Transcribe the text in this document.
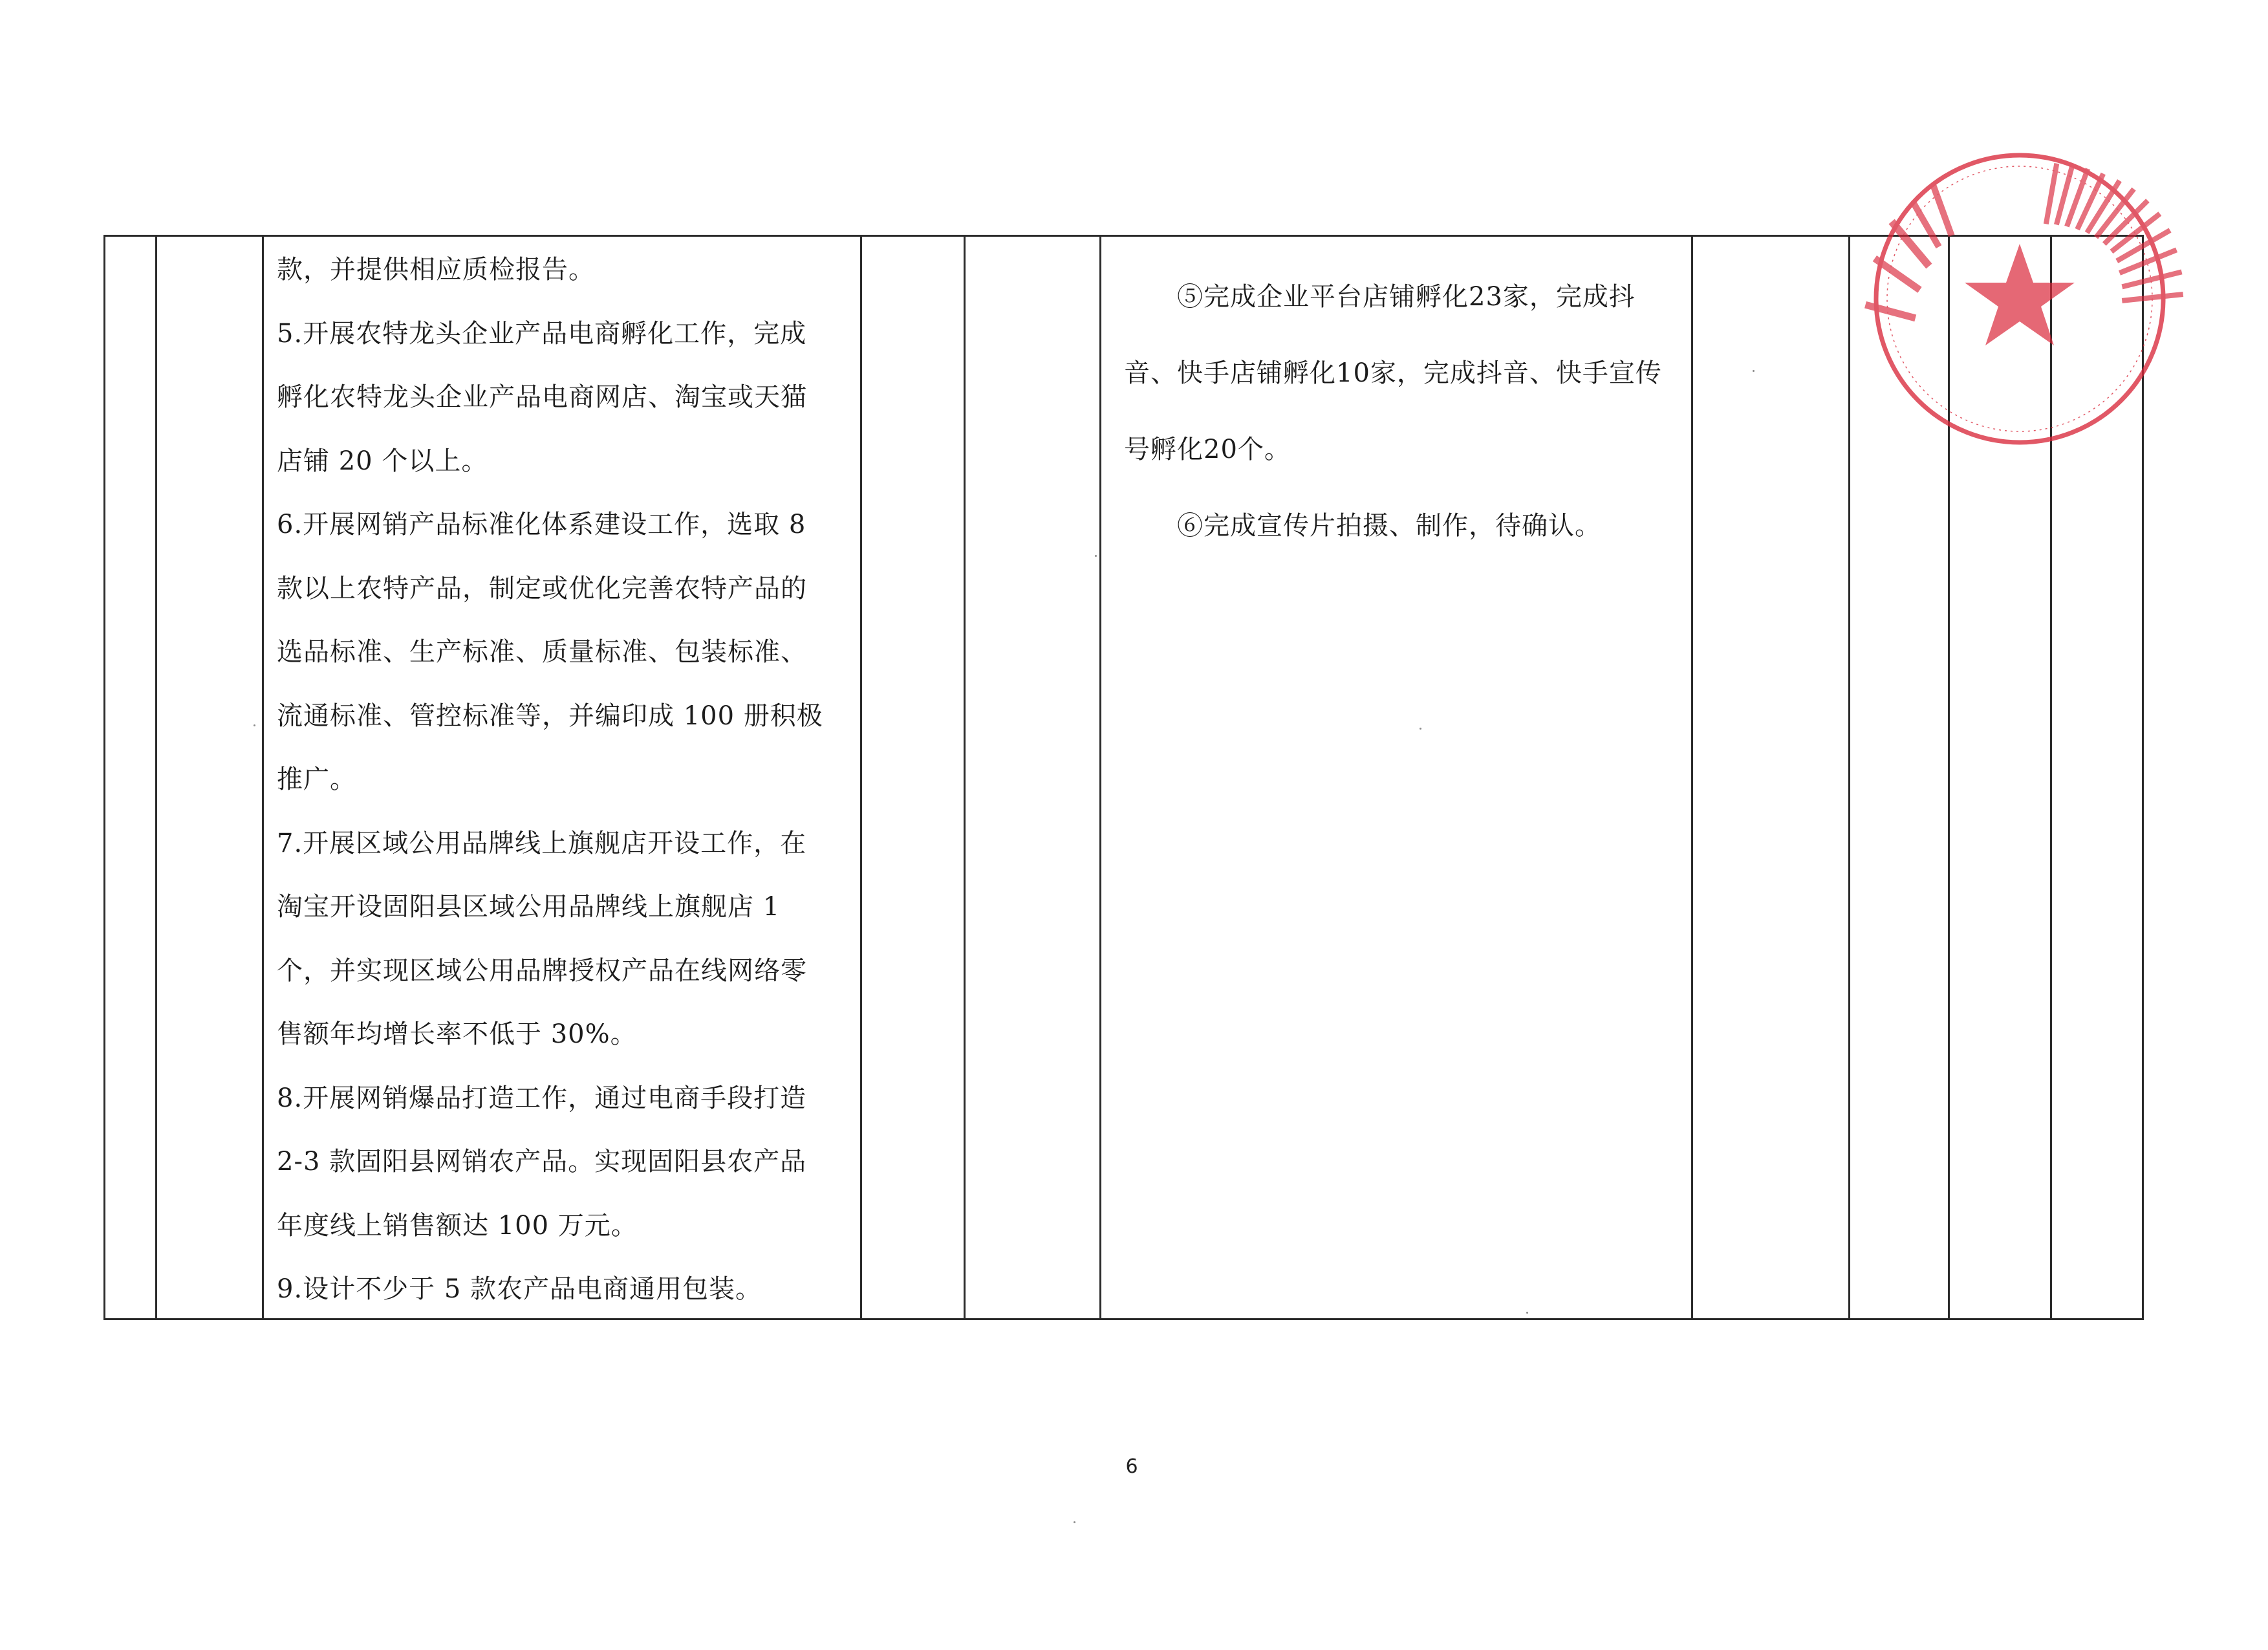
款，并提供相应质检报告。
5.开展农特龙头企业产品电商孵化工作，完成
孵化农特龙头企业产品电商网店、淘宝或天猫
店铺 20 个以上。
6.开展网销产品标准化体系建设工作，选取 8
款以上农特产品，制定或优化完善农特产品的
选品标准、生产标准、质量标准、包装标准、
流通标准、管控标准等，并编印成 100 册积极
推广。
7.开展区域公用品牌线上旗舰店开设工作，在
淘宝开设固阳县区域公用品牌线上旗舰店 1
个，并实现区域公用品牌授权产品在线网络零
售额年均增长率不低于 30%。
8.开展网销爆品打造工作，通过电商手段打造
2-3 款固阳县网销农产品。实现固阳县农产品
年度线上销售额达 100 万元。
9.设计不少于 5 款农产品电商通用包装。
　　⑤完成企业平台店铺孵化23家，完成抖
音、快手店铺孵化10家，完成抖音、快手宣传
号孵化20个。
　　⑥完成宣传片拍摄、制作，待确认。
6
